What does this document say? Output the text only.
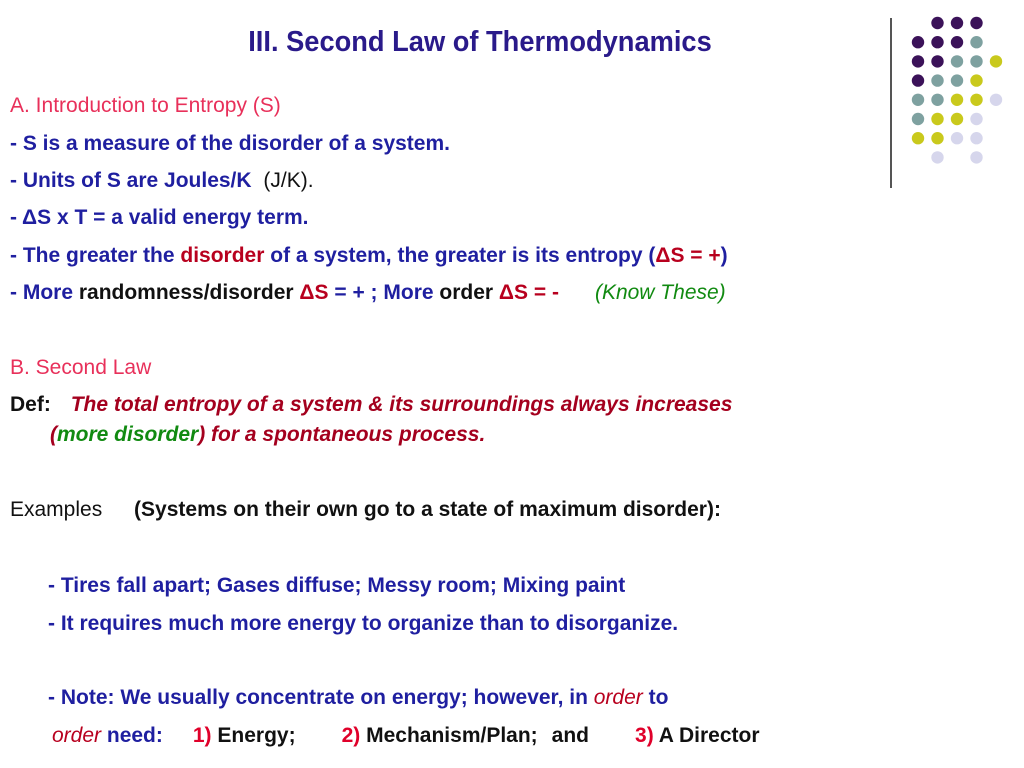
III. Second Law of Thermodynamics
A. Introduction to Entropy (S)
- S is a measure of the disorder of a system.
- Units of S are Joules/K (J/K).
- ΔS x T = a valid energy term.
- The greater the disorder of a system, the greater is its entropy (ΔS = +)
- More randomness/disorder ΔS = + ; More order ΔS = - (Know These)
B. Second Law
Def: The total entropy of a system & its surroundings always increases
(more disorder) for a spontaneous process.
Examples (Systems on their own go to a state of maximum disorder):
- Tires fall apart; Gases diffuse; Messy room; Mixing paint
- It requires much more energy to organize than to disorganize.
- Note: We usually concentrate on energy; however, in order to
order need: 1) Energy; 2) Mechanism/Plan; and 3) A Director
